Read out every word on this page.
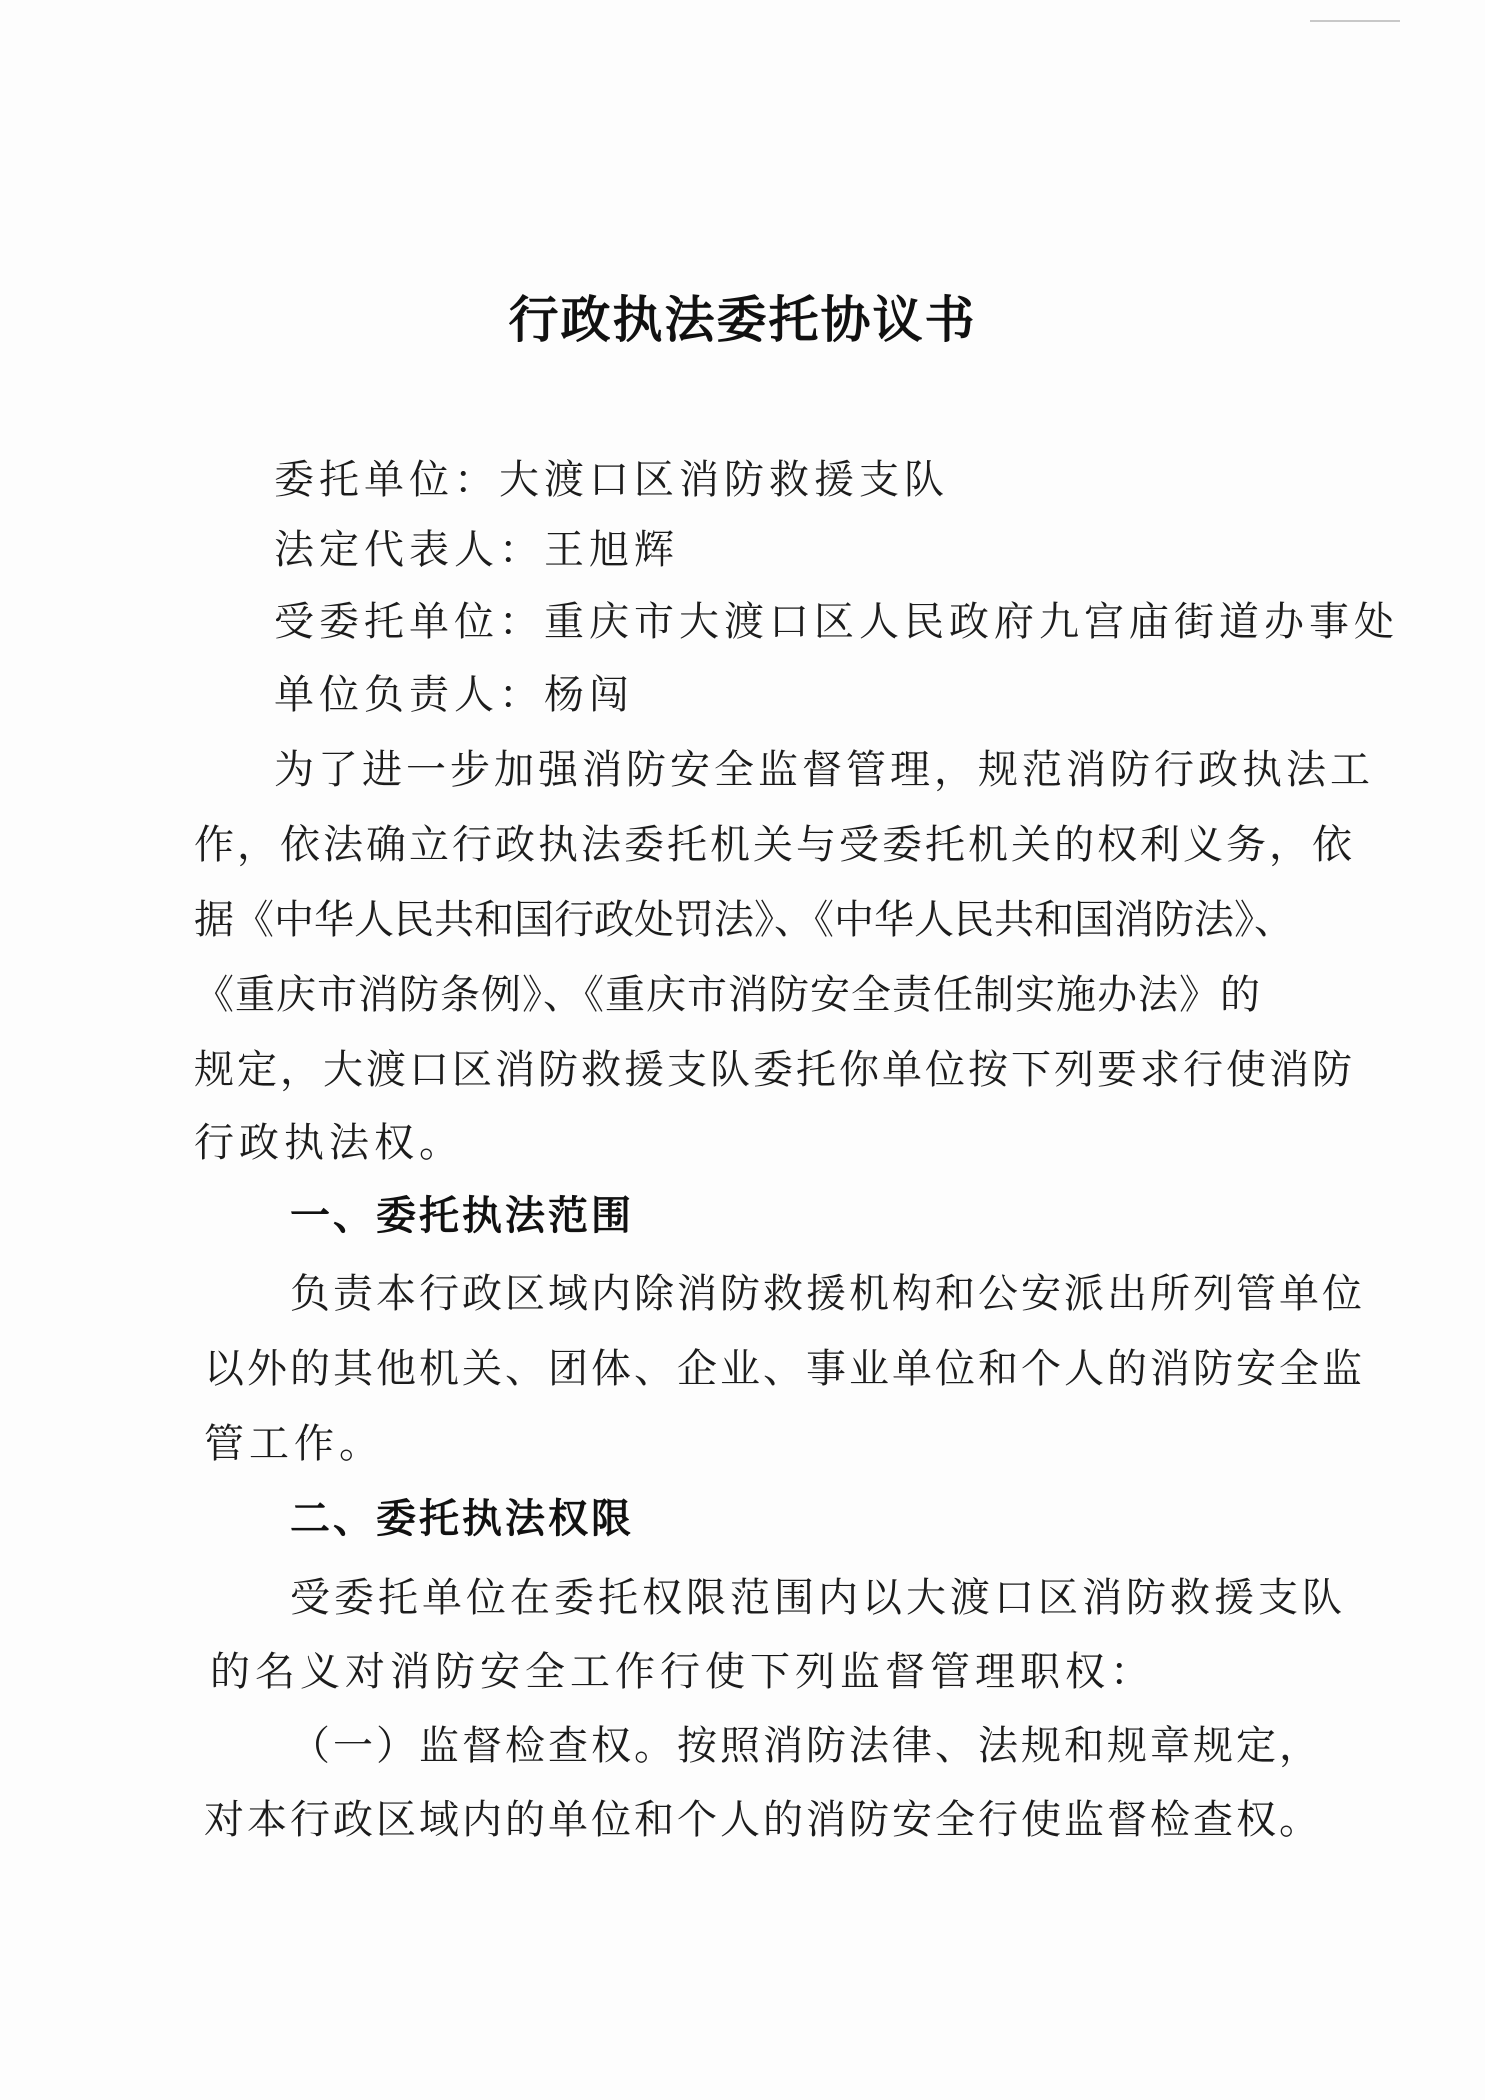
行政执法委托协议书
委托单位：大渡口区消防救援支队
法定代表人：王旭辉
受委托单位：重庆市大渡口区人民政府九宫庙街道办事处
单位负责人：杨闯
为了进一步加强消防安全监督管理，规范消防行政执法工
作，依法确立行政执法委托机关与受委托机关的权利义务，依
据《中华人民共和国行政处罚法》、《中华人民共和国消防法》、
《重庆市消防条例》、《重庆市消防安全责任制实施办法》的
规定，大渡口区消防救援支队委托你单位按下列要求行使消防
行政执法权。
一、委托执法范围
负责本行政区域内除消防救援机构和公安派出所列管单位
以外的其他机关、团体、企业、事业单位和个人的消防安全监
管工作。
二、委托执法权限
受委托单位在委托权限范围内以大渡口区消防救援支队
的名义对消防安全工作行使下列监督管理职权：
（一）监督检查权。按照消防法律、法规和规章规定，
对本行政区域内的单位和个人的消防安全行使监督检查权。
